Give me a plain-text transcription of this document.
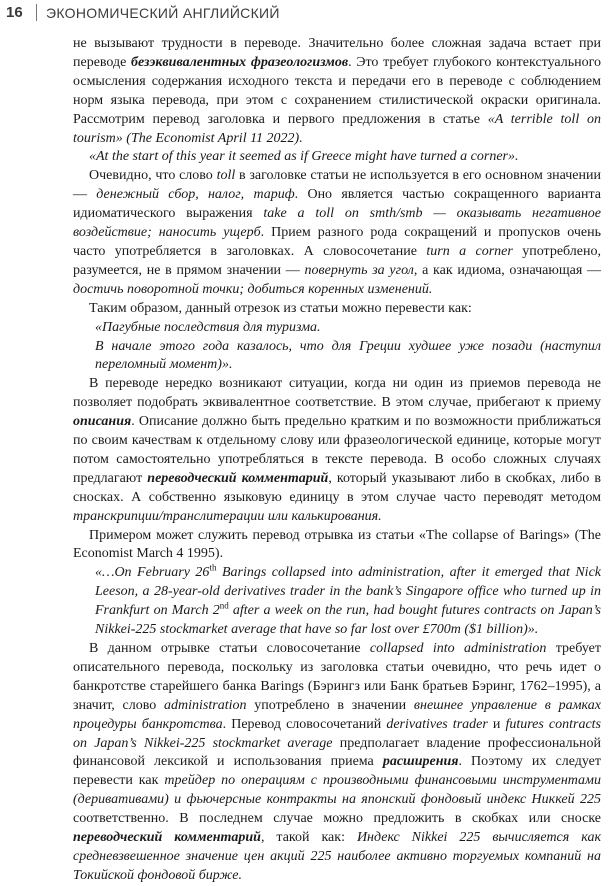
16 ЭКОНОМИЧЕСКИЙ АНГЛИЙСКИЙ

не вызывают трудности в переводе. Значительно более сложная задача встает при переводе безэквивалентных фразеологизмов. Это требует глубокого контекстуального осмысления содержания исходного текста и передачи его в переводе с соблюдением норм языка перевода, при этом с сохранением стилистической окраски оригинала. Рассмотрим перевод заголовка и первого предложения в статье «A terrible toll on tourism» (The Economist April 11 2022).

«At the start of this year it seemed as if Greece might have turned a corner».

Очевидно, что слово toll в заголовке статьи не используется в его основном значении — денежный сбор, налог, тариф. Оно является частью сокращенного варианта идиоматического выражения take a toll on smth/smb — оказывать негативное воздействие; наносить ущерб. Прием разного рода сокращений и пропусков очень часто употребляется в заголовках. А словосочетание turn a corner употреблено, разумеется, не в прямом значении — повернуть за угол, а как идиома, означающая — достичь поворотной точки; добиться коренных изменений.

Таким образом, данный отрезок из статьи можно перевести как:

«Пагубные последствия для туризма.

В начале этого года казалось, что для Греции худшее уже позади (наступил переломный момент)».

В переводе нередко возникают ситуации, когда ни один из приемов перевода не позволяет подобрать эквивалентное соответствие. В этом случае, прибегают к приему описания. Описание должно быть предельно кратким и по возможности приближаться по своим качествам к отдельному слову или фразеологической единице, которые могут потом самостоятельно употребляться в тексте перевода. В особо сложных случаях предлагают переводческий комментарий, который указывают либо в скобках, либо в сносках. А собственно языковую единицу в этом случае часто переводят методом транскрипции/транслитерации или калькирования.

Примером может служить перевод отрывка из статьи «The collapse of Barings» (The Economist March 4 1995).

«…On February 26th Barings collapsed into administration, after it emerged that Nick Leeson, a 28-year-old derivatives trader in the bank’s Singapore office who turned up in Frankfurt on March 2nd after a week on the run, had bought futures contracts on Japan’s Nikkei-225 stockmarket average that have so far lost over £700m ($1 billion)».

В данном отрывке статьи словосочетание collapsed into administration требует описательного перевода, поскольку из заголовка статьи очевидно, что речь идет о банкротстве старейшего банка Barings (Бэрингз или Банк братьев Бэринг, 1762–1995), а значит, слово administration употреблено в значении внешнее управление в рамках процедуры банкротства. Перевод словосочетаний derivatives trader и futures contracts on Japan’s Nikkei-225 stockmarket average предполагает владение профессиональной финансовой лексикой и использования приема расширения. Поэтому их следует перевести как трейдер по операциям с производными финансовыми инструментами (деривативами) и фьючерсные контракты на японский фондовый индекс Никкей 225 соответственно. В последнем случае можно предложить в скобках или сноске переводческий комментарий, такой как: Индекс Nikkei 225 вычисляется как средневзвешенное значение цен акций 225 наиболее активно торгуемых компаний на Токийской фондовой бирже.
